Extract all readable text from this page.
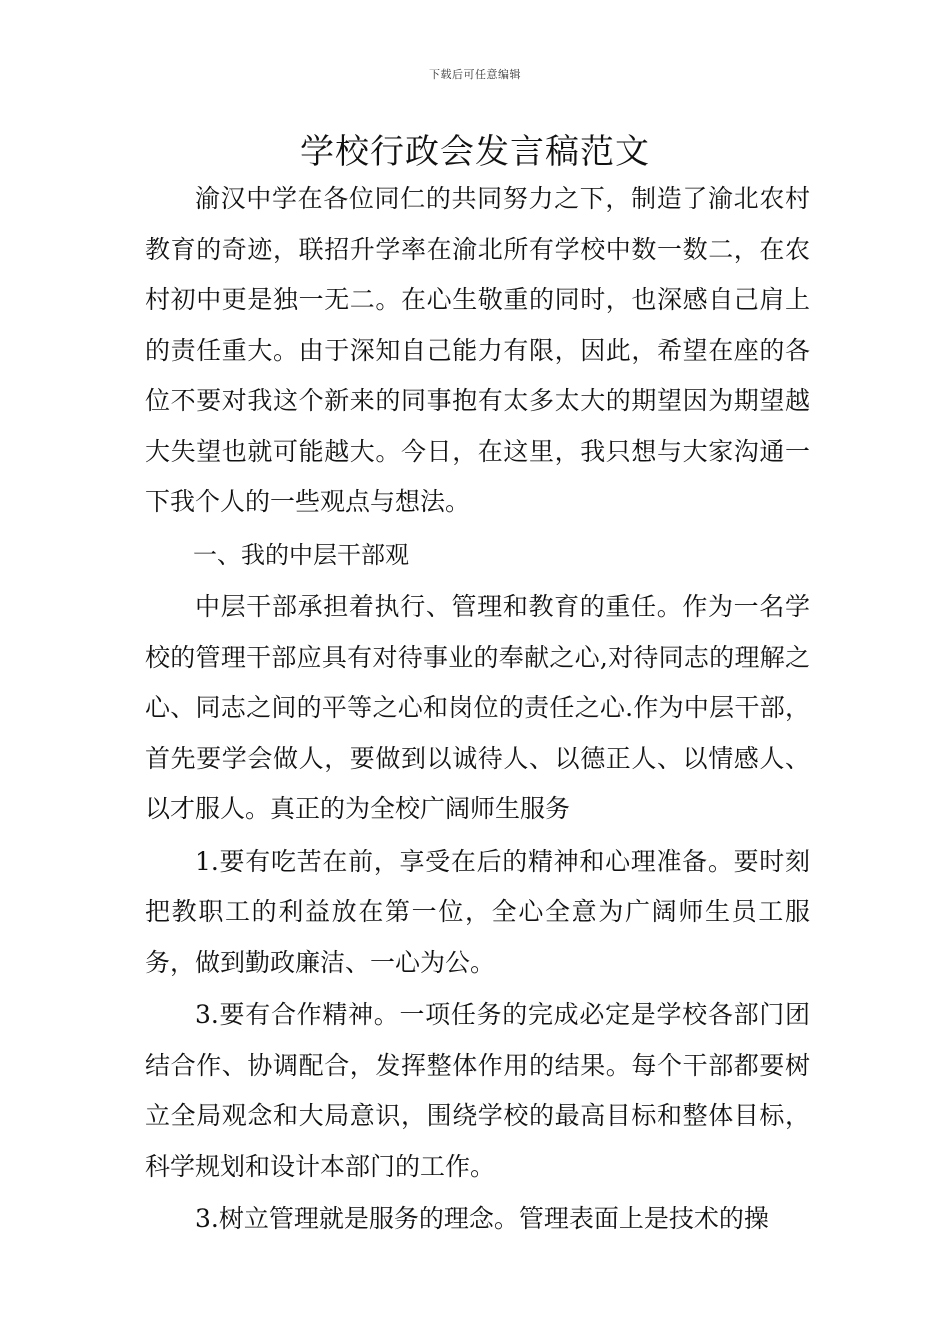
下载后可任意编辑
学校行政会发言稿范文

渝汉中学在各位同仁的共同努力之下，制造了渝北农村教育的奇迹，联招升学率在渝北所有学校中数一数二，在农村初中更是独一无二。在心生敬重的同时，也深感自己肩上的责任重大。由于深知自己能力有限，因此，希望在座的各位不要对我这个新来的同事抱有太多太大的期望因为期望越大失望也就可能越大。今日，在这里，我只想与大家沟通一下我个人的一些观点与想法。

一、我的中层干部观

中层干部承担着执行、管理和教育的重任。作为一名学校的管理干部应具有对待事业的奉献之心,对待同志的理解之心、同志之间的平等之心和岗位的责任之心.作为中层干部，首先要学会做人，要做到以诚待人、以德正人、以情感人、以才服人。真正的为全校广阔师生服务

1.要有吃苦在前，享受在后的精神和心理准备。要时刻把教职工的利益放在第一位，全心全意为广阔师生员工服务，做到勤政廉洁、一心为公。

3.要有合作精神。一项任务的完成必定是学校各部门团结合作、协调配合，发挥整体作用的结果。每个干部都要树立全局观念和大局意识，围绕学校的最高目标和整体目标，科学规划和设计本部门的工作。

3.树立管理就是服务的理念。管理表面上是技术的操
